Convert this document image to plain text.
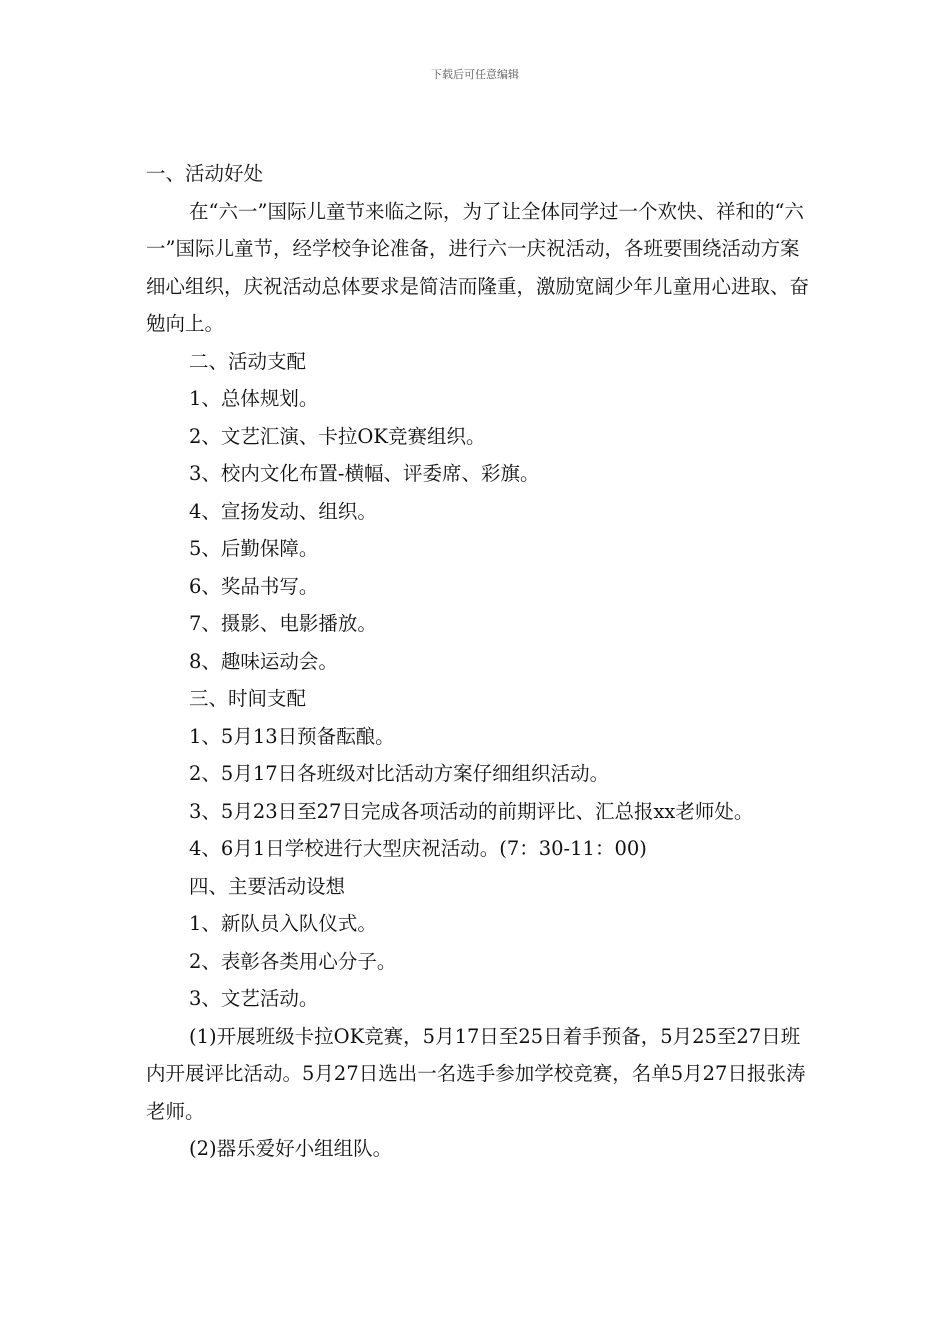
下载后可任意编辑

一、活动好处

在“六一”国际儿童节来临之际，为了让全体同学过一个欢快、祥和的“六一”国际儿童节，经学校争论准备，进行六一庆祝活动，各班要围绕活动方案细心组织，庆祝活动总体要求是简洁而隆重，激励宽阔少年儿童用心进取、奋勉向上。

二、活动支配

1、总体规划。

2、文艺汇演、卡拉OK竞赛组织。

3、校内文化布置-横幅、评委席、彩旗。

4、宣扬发动、组织。

5、后勤保障。

6、奖品书写。

7、摄影、电影播放。

8、趣味运动会。

三、时间支配

1、5月13日预备酝酿。

2、5月17日各班级对比活动方案仔细组织活动。

3、5月23日至27日完成各项活动的前期评比、汇总报xx老师处。

4、6月1日学校进行大型庆祝活动。(7：30-11：00)

四、主要活动设想

1、新队员入队仪式。

2、表彰各类用心分子。

3、文艺活动。

(1)开展班级卡拉OK竞赛，5月17日至25日着手预备，5月25至27日班内开展评比活动。5月27日选出一名选手参加学校竞赛，名单5月27日报张涛老师。

(2)器乐爱好小组组队。
